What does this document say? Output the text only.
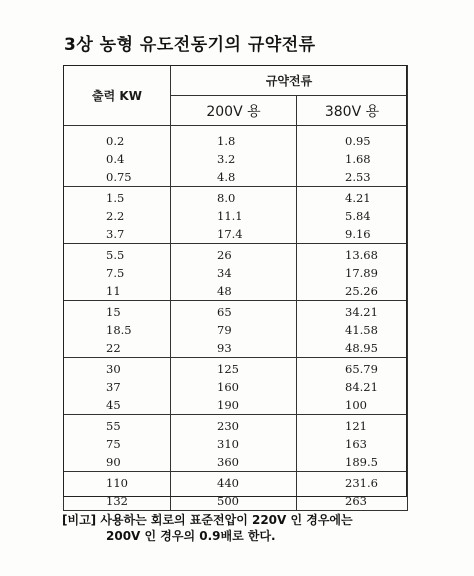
3상 농형 유도전동기의 규약전류
출력 KW	규약전류	
	200V 용	380V 용

0.2	1.8	0.95
0.4	3.2	1.68
0.75	4.8	2.53
1.5	8.0	4.21
2.2	11.1	5.84
3.7	17.4	9.16
5.5	26	13.68
7.5	34	17.89
11	48	25.26
15	65	34.21
18.5	79	41.58
22	93	48.95
30	125	65.79
37	160	84.21
45	190	100
55	230	121
75	310	163
90	360	189.5
110	440	231.6
132	500	263
[비고] 사용하는 회로의 표준전압이 220V 인 경우에는
200V 인 경우의 0.9배로 한다.
